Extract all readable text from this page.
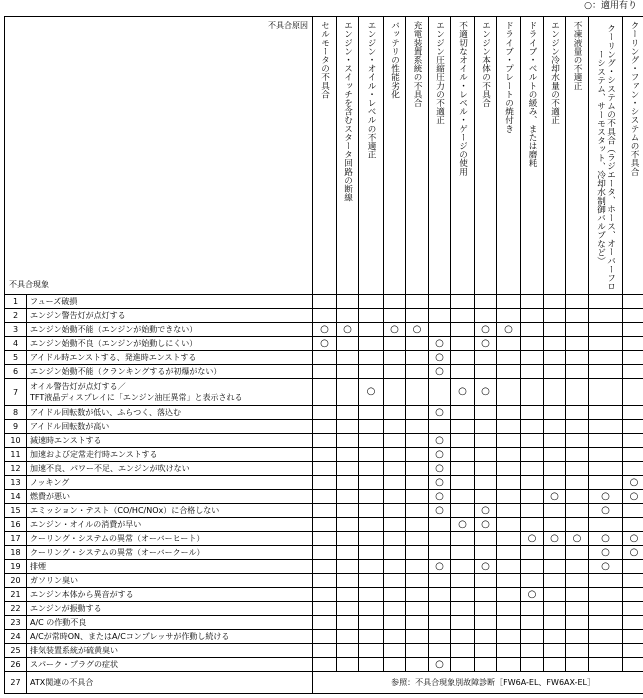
○：適用有り
不具合原因
不具合現象		セルモータの不具合	エンジン・スイッチを含むスタータ回路の断線	エンジン・オイル・レベルの不適正	バッテリの性能劣化	充電装置系統の不具合	エンジン圧縮圧力の不適正	不適切なオイル・レベル・ゲージの使用	エンジン本体の不具合	ドライブ・プレートの焼付き	ドライブ・ベルトの緩み、または磨耗	エンジン冷却水量の不適正	不凍液量の不適正	クーリング・システムの不具合（ラジエータ、ホース、オーバーフローシステム、サーモスタット、冷却水制御バルブなど）	クーリング・ファン・システムの不具合
1	フューズ破損														
2	エンジン警告灯が点灯する														
3	エンジン始動不能（エンジンが始動できない）	○	○		○	○			○	○					
4	エンジン始動不良（エンジンが始動しにくい）	○					○		○						
5	アイドル時エンストする、発進時エンストする						○								
6	エンジン始動不能（クランキングするが初爆がない）						○								
7	オイル警告灯が点灯する／
TFT液晶ディスプレイに「エンジン油圧異常」と表示される			○				○	○						
8	アイドル回転数が低い、ふらつく、落込む						○								
9	アイドル回転数が高い														
10	減速時エンストする						○								
11	加速および定常走行時エンストする						○								
12	加速不良、パワー不足、エンジンが吹けない						○								
13	ノッキング						○								○
14	燃費が悪い						○					○		○	○
15	エミッション・テスト（CO/HC/NOx）に合格しない						○		○					○	
16	エンジン・オイルの消費が早い							○	○						
17	クーリング・システムの異常（オーバーヒート）										○	○	○	○	○
18	クーリング・システムの異常（オーバークール）													○	○
19	排煙						○		○					○	
20	ガソリン臭い														
21	エンジン本体から異音がする										○				
22	エンジンが振動する														
23	A/C の作動不良														
24	A/Cが常時ON、またはA/Cコンプレッサが作動し続ける														
25	排気装置系統が硫黄臭い														
26	スパーク・プラグの症状						○								
27	ATX関連の不具合	参照：不具合現象別故障診断［FW6A-EL、FW6AX-EL］													
